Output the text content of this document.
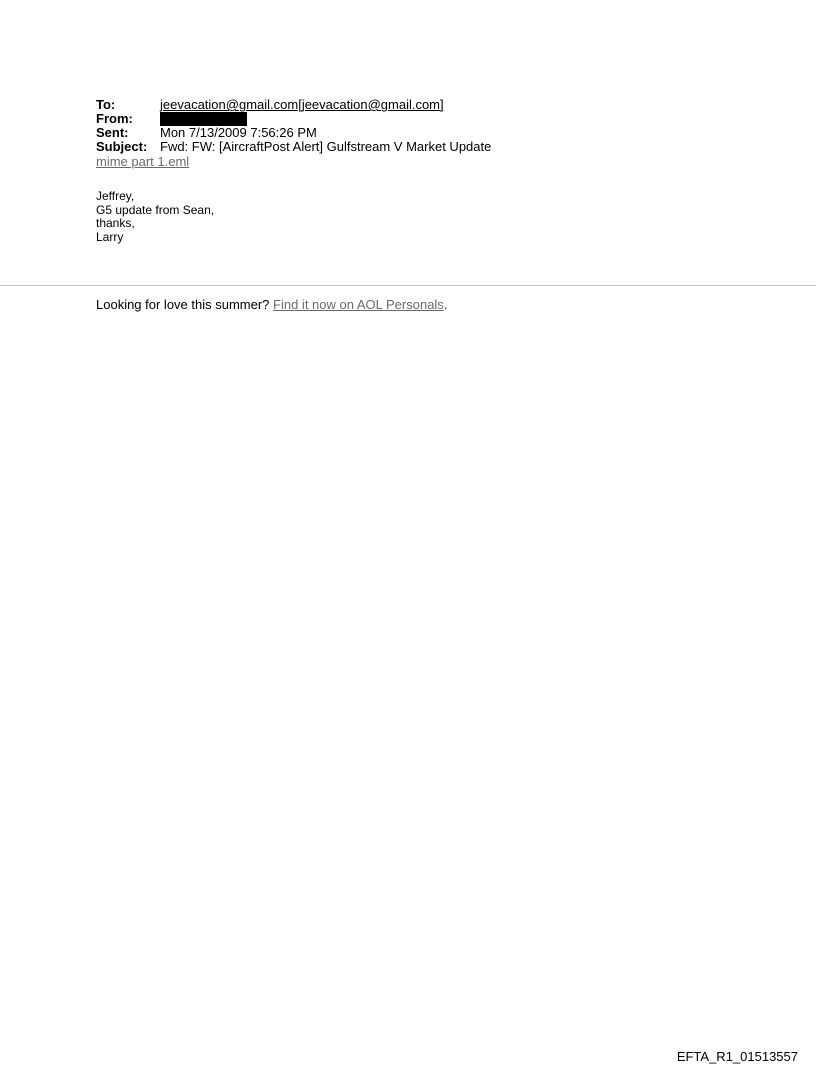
To:	jeevacation@gmail.com[jeevacation@gmail.com]
From:
Sent:	Mon 7/13/2009 7:56:26 PM
Subject: Fwd: FW: [AircraftPost Alert] Gulfstream V Market Update
mime part 1.eml
Jeffrey,
G5 update from Sean,
thanks,
Larry
Looking for love this summer? Find it now on AOL Personals.
EFTA_R1_01513557
